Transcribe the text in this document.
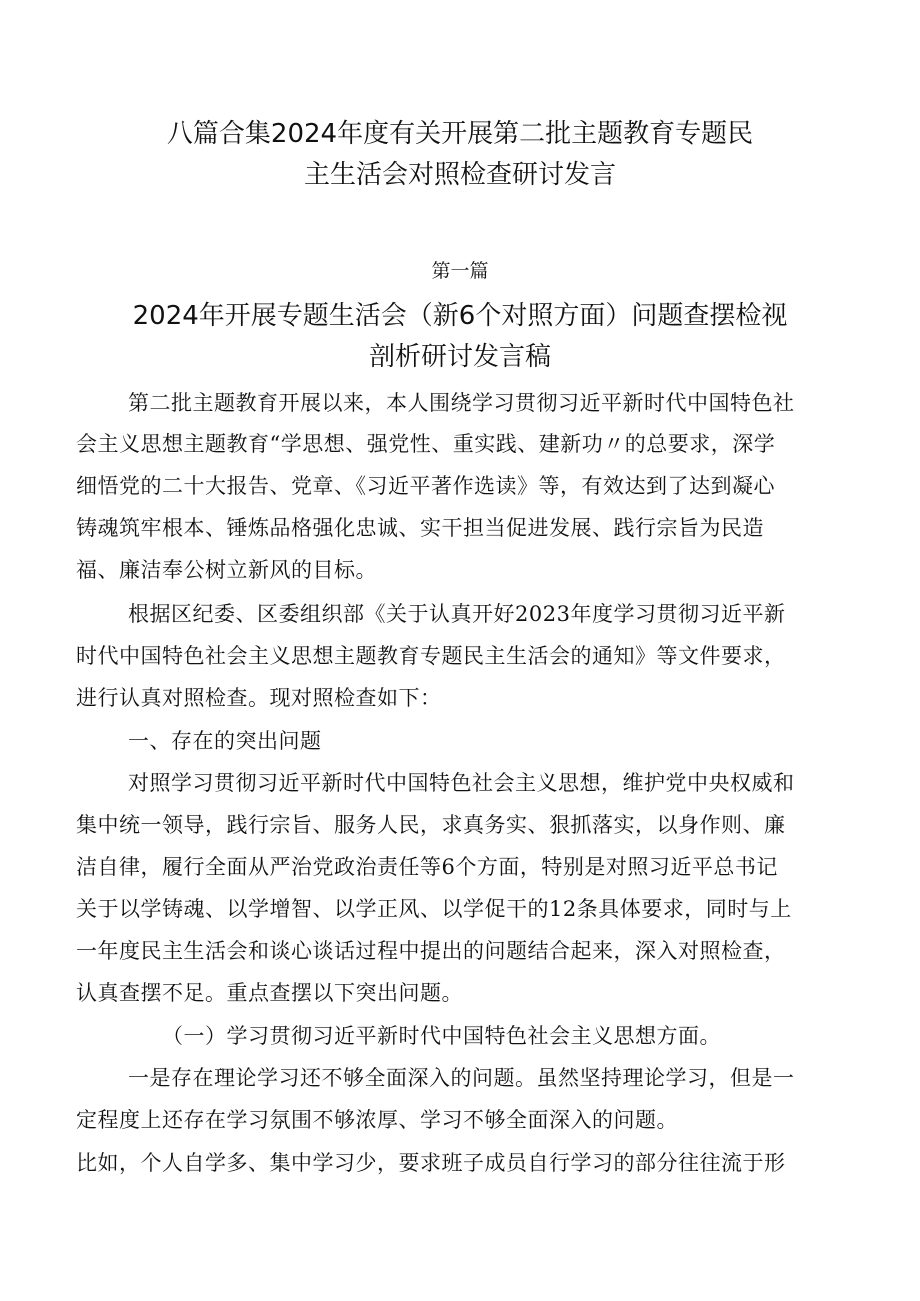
八篇合集2024年度有关开展第二批主题教育专题民
主生活会对照检查研讨发言
第一篇
2024年开展专题生活会（新6个对照方面）问题查摆检视
剖析研讨发言稿
第二批主题教育开展以来，本人围绕学习贯彻习近平新时代中国特色社
会主义思想主题教育“学思想、强党性、重实践、建新功〃的总要求，深学
细悟党的二十大报告、党章、《习近平著作选读》等，有效达到了达到凝心
铸魂筑牢根本、锤炼品格强化忠诚、实干担当促进发展、践行宗旨为民造
福、廉洁奉公树立新风的目标。
根据区纪委、区委组织部《关于认真开好2023年度学习贯彻习近平新
时代中国特色社会主义思想主题教育专题民主生活会的通知》等文件要求，
进行认真对照检查。现对照检查如下：
一、存在的突出问题
对照学习贯彻习近平新时代中国特色社会主义思想，维护党中央权威和
集中统一领导，践行宗旨、服务人民，求真务实、狠抓落实，以身作则、廉
洁自律，履行全面从严治党政治责任等6个方面，特别是对照习近平总书记
关于以学铸魂、以学增智、以学正风、以学促干的12条具体要求，同时与上
一年度民主生活会和谈心谈话过程中提出的问题结合起来，深入对照检查，
认真查摆不足。重点查摆以下突出问题。
（一）学习贯彻习近平新时代中国特色社会主义思想方面。
一是存在理论学习还不够全面深入的问题。虽然坚持理论学习，但是一
定程度上还存在学习氛围不够浓厚、学习不够全面深入的问题。
比如，个人自学多、集中学习少，要求班子成员自行学习的部分往往流于形
